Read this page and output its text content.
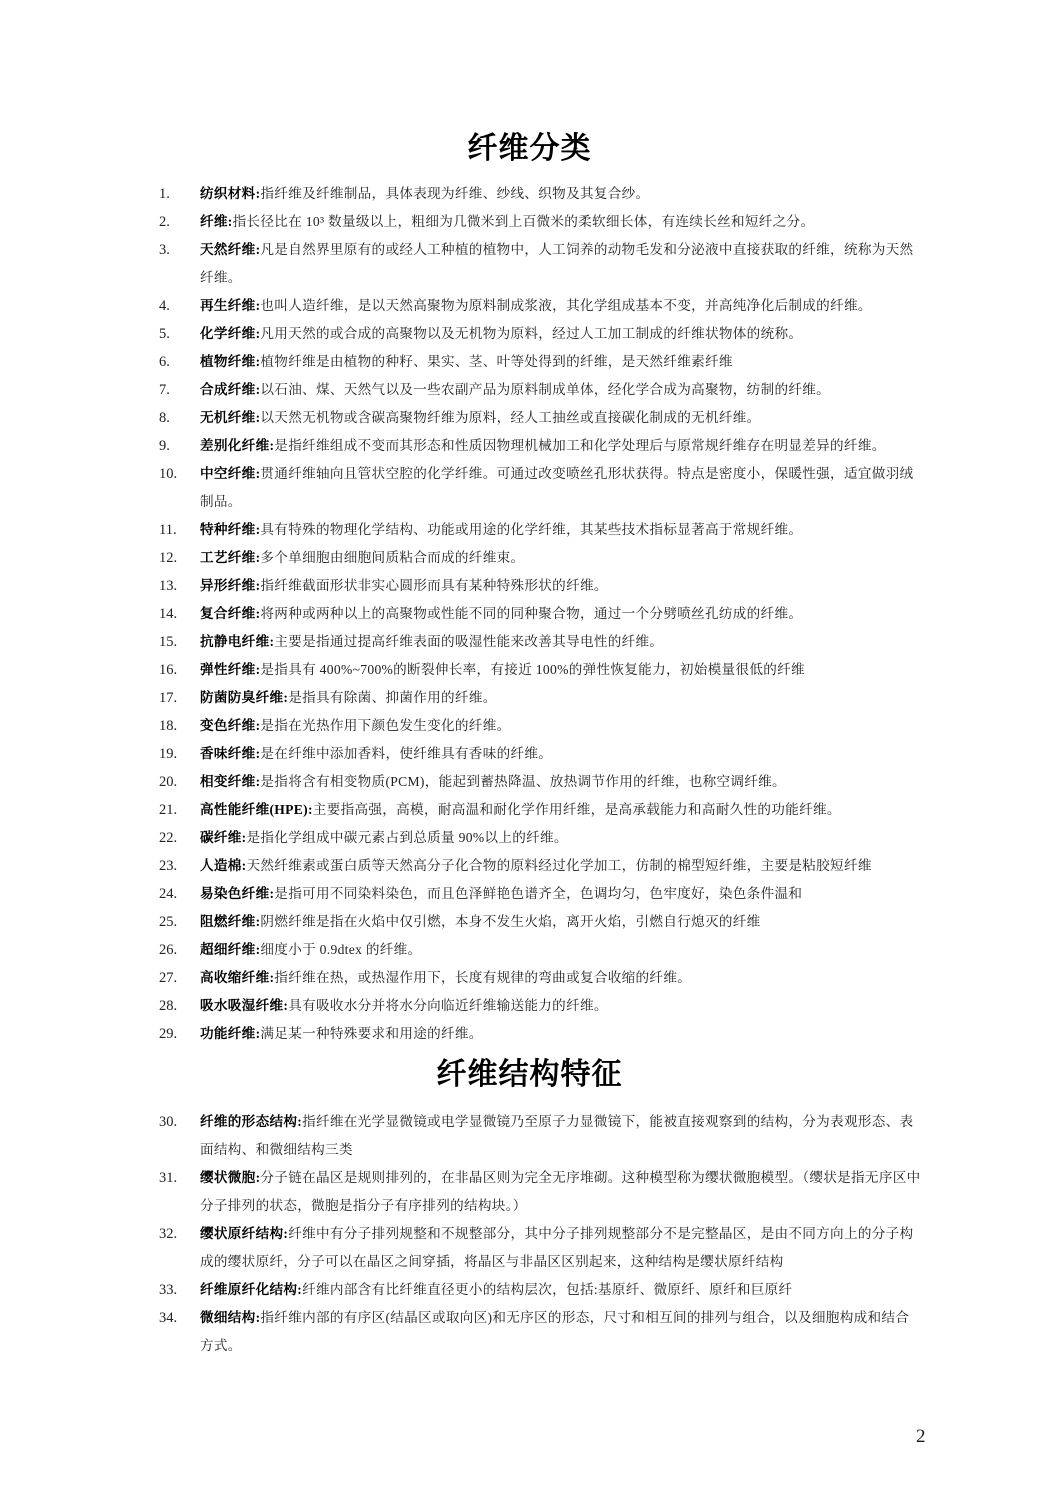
纤维分类
1.	纺织材料:指纤维及纤维制品，具体表现为纤维、纱线、织物及其复合纱。
2.	纤维:指长径比在 10³ 数量级以上，粗细为几微米到上百微米的柔软细长体，有连续长丝和短纤之分。
3.	天然纤维:凡是自然界里原有的或经人工种植的植物中，人工饲养的动物毛发和分泌液中直接获取的纤维，统称为天然纤维。
4.	再生纤维:也叫人造纤维，是以天然高聚物为原料制成浆液，其化学组成基本不变，并高纯净化后制成的纤维。
5.	化学纤维:凡用天然的或合成的高聚物以及无机物为原料，经过人工加工制成的纤维状物体的统称。
6.	植物纤维:植物纤维是由植物的种籽、果实、茎、叶等处得到的纤维，是天然纤维素纤维
7.	合成纤维:以石油、煤、天然气以及一些农副产品为原料制成单体，经化学合成为高聚物，纺制的纤维。
8.	无机纤维:以天然无机物或含碳高聚物纤维为原料，经人工抽丝或直接碳化制成的无机纤维。
9.	差别化纤维:是指纤维组成不变而其形态和性质因物理机械加工和化学处理后与原常规纤维存在明显差异的纤维。
10.	中空纤维:贯通纤维轴向且管状空腔的化学纤维。可通过改变喷丝孔形状获得。特点是密度小，保暖性强，适宜做羽绒制品。
11.	特种纤维:具有特殊的物理化学结构、功能或用途的化学纤维，其某些技术指标显著高于常规纤维。
12.	工艺纤维:多个单细胞由细胞间质粘合而成的纤维束。
13.	异形纤维:指纤维截面形状非实心圆形而具有某种特殊形状的纤维。
14.	复合纤维:将两种或两种以上的高聚物或性能不同的同种聚合物，通过一个分劈喷丝孔纺成的纤维。
15.	抗静电纤维:主要是指通过提高纤维表面的吸湿性能来改善其导电性的纤维。
16.	弹性纤维:是指具有 400%~700%的断裂伸长率，有接近 100%的弹性恢复能力，初始模量很低的纤维
17.	防菌防臭纤维:是指具有除菌、抑菌作用的纤维。
18.	变色纤维:是指在光热作用下颜色发生变化的纤维。
19.	香味纤维:是在纤维中添加香料，使纤维具有香味的纤维。
20.	相变纤维:是指将含有相变物质(PCM)，能起到蓄热降温、放热调节作用的纤维，也称空调纤维。
21.	高性能纤维(HPE):主要指高强，高模，耐高温和耐化学作用纤维，是高承载能力和高耐久性的功能纤维。
22.	碳纤维:是指化学组成中碳元素占到总质量 90%以上的纤维。
23.	人造棉:天然纤维素或蛋白质等天然高分子化合物的原料经过化学加工，仿制的棉型短纤维，主要是粘胶短纤维
24.	易染色纤维:是指可用不同染料染色，而且色泽鲜艳色谱齐全，色调均匀，色牢度好，染色条件温和
25.	阻燃纤维:阴燃纤维是指在火焰中仅引燃，本身不发生火焰，离开火焰，引燃自行熄灭的纤维
26.	超细纤维:细度小于 0.9dtex 的纤维。
27.	高收缩纤维:指纤维在热，或热湿作用下，长度有规律的弯曲或复合收缩的纤维。
28.	吸水吸湿纤维:具有吸收水分并将水分向临近纤维输送能力的纤维。
29.	功能纤维:满足某一种特殊要求和用途的纤维。
纤维结构特征
30.	纤维的形态结构:指纤维在光学显微镜或电学显微镜乃至原子力显微镜下，能被直接观察到的结构，分为表观形态、表面结构、和微细结构三类
31.	缨状微胞:分子链在晶区是规则排列的，在非晶区则为完全无序堆砌。这种模型称为缨状微胞模型。（缨状是指无序区中分子排列的状态，微胞是指分子有序排列的结构块。）
32.	缨状原纤结构:纤维中有分子排列规整和不规整部分，其中分子排列规整部分不是完整晶区，是由不同方向上的分子构成的缨状原纤，分子可以在晶区之间穿插，将晶区与非晶区区别起来，这种结构是缨状原纤结构
33.	纤维原纤化结构:纤维内部含有比纤维直径更小的结构层次，包括:基原纤、微原纤、原纤和巨原纤
34.	微细结构:指纤维内部的有序区(结晶区或取向区)和无序区的形态，尺寸和相互间的排列与组合，以及细胞构成和结合方式。
2
